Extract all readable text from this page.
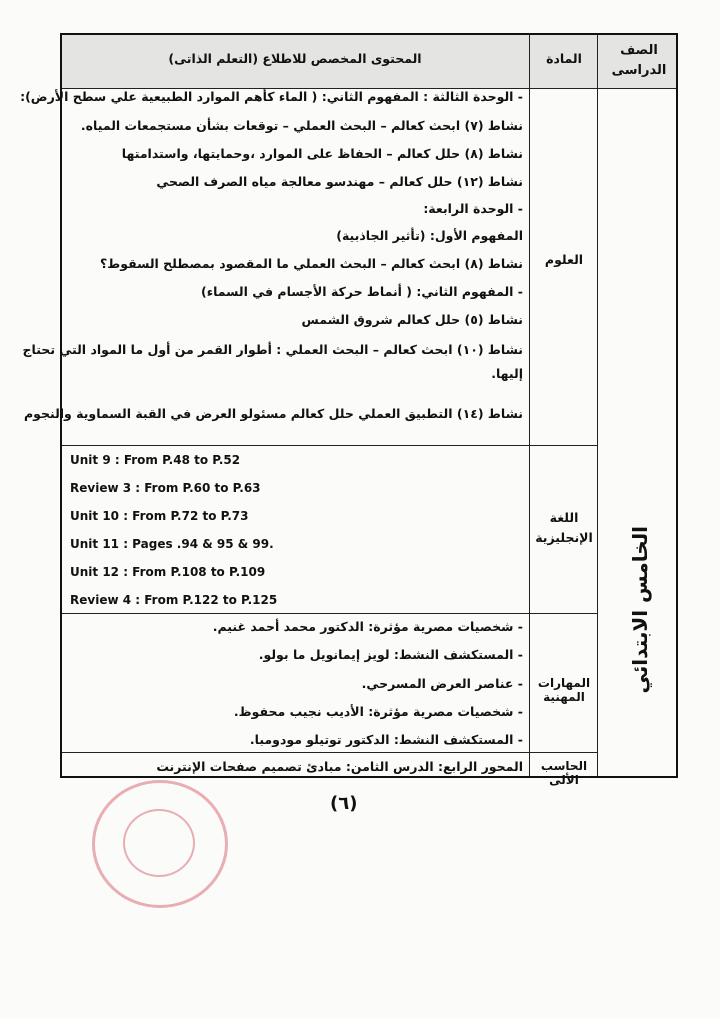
الصف الدراسى
المادة
المحتوى المخصص للاطلاع (التعلم الذاتى)
الخامس الابتدائي
العلوم
- الوحدة الثالثة : المفهوم الثاني: ( الماء كأهم الموارد الطبيعية علي سطح الأرض):
نشاط (٧) ابحث كعالم – البحث العملي – توقعات بشأن مستجمعات المياه.
نشاط (٨) حلل كعالم – الحفاظ على الموارد ،وحمايتها، واستدامتها
نشاط (١٢) حلل كعالم – مهندسو معالجة مياه الصرف الصحي
- الوحدة الرابعة:
المفهوم الأول: (تأثير الجاذبية)
نشاط (٨) ابحث كعالم – البحث العملي ما المقصود بمصطلح السقوط؟
- المفهوم الثاني: ( أنماط حركة الأجسام في السماء)
نشاط (٥) حلل كعالم شروق الشمس
نشاط (١٠) ابحث كعالم – البحث العملي : أطوار القمر من أول ما المواد التي تحتاج
إليها.
نشاط (١٤) التطبيق العملي حلل كعالم مسئولو العرض في القبة السماوية والنجوم
اللغة الإنجليزية
Unit 9 : From P.48 to P.52
Review 3 : From P.60 to P.63
Unit 10 : From P.72 to P.73
Unit 11 : Pages .94 & 95 & 99.
Unit 12 : From P.108 to P.109
Review 4 : From P.122 to P.125
المهارات المهنية
- شخصيات مصرية مؤثرة: الدكتور محمد أحمد غنيم.
- المستكشف النشط: لويز إيمانويل ما بولو.
- عناصر العرض المسرحي.
- شخصيات مصرية مؤثرة: الأديب نجيب محفوظ.
- المستكشف النشط: الدكتور توتيلو مودومبا.
الحاسب الألى
المحور الرابع: الدرس الثامن: مبادئ تصميم صفحات الإنترنت
(٦)
